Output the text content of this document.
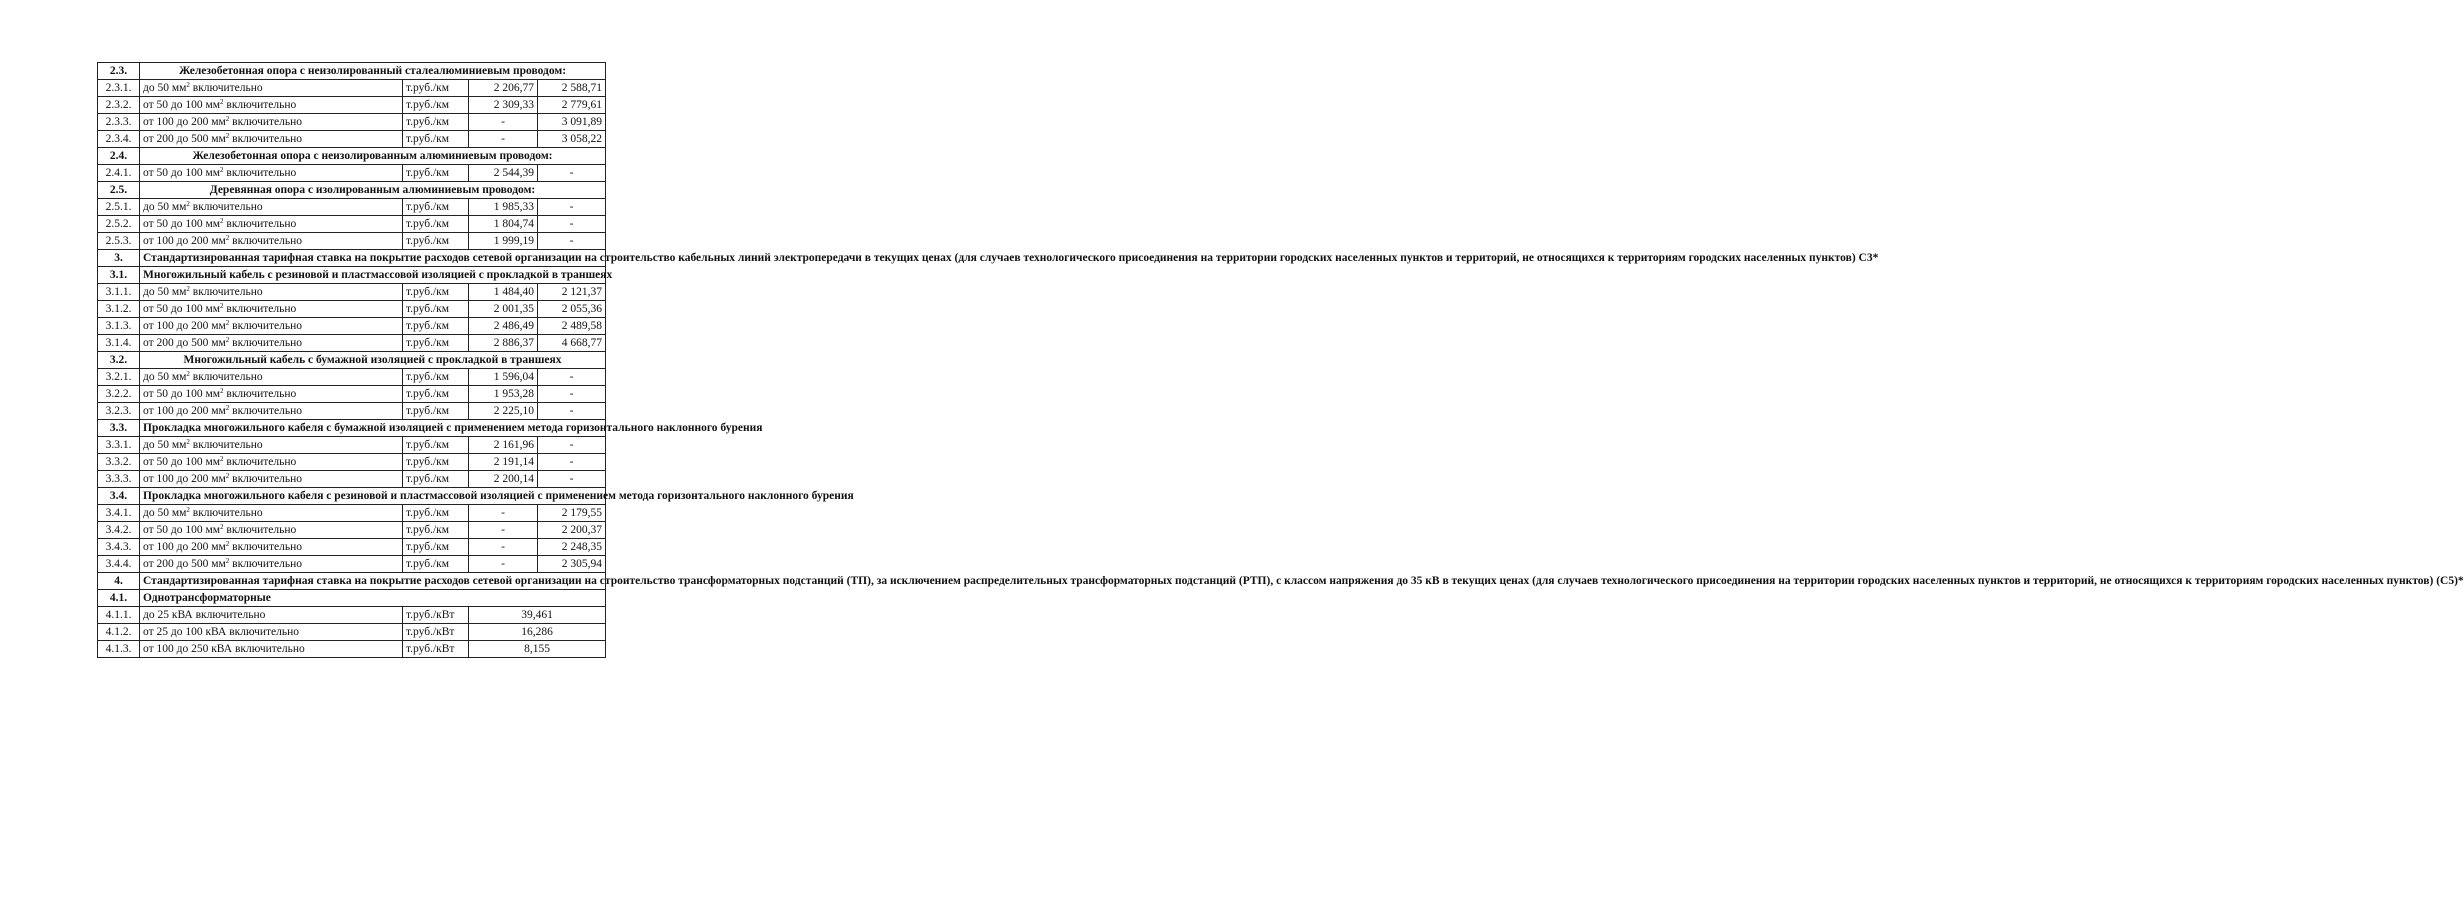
2.3.	Железобетонная опора с неизолированный сталеалюминиевым проводом:			
2.3.1.	до 50 $мм^2$ включительно	т.руб./км	2 206,77	2 588,71
2.3.2.	от 50 до 100 $мм^2$ включительно	т.руб./км	2 309,33	2 779,61
2.3.3.	от 100 до 200 $мм^2$ включительно	т.руб./км	-	3 091,89
2.3.4.	от 200 до 500 $мм^2$ включительно	т.руб./км	-	3 058,22
2.4.	Железобетонная опора с неизолированным алюминиевым проводом:			
2.4.1.	от 50 до 100 $мм^2$ включительно	т.руб./км	2 544,39	-
2.5.	Деревянная опора с изолированным алюминиевым проводом:			
2.5.1.	до 50 $мм^2$ включительно	т.руб./км	1 985,33	-
2.5.2.	от 50 до 100 $мм^2$ включительно	т.руб./км	1 804,74	-
2.5.3.	от 100 до 200 $мм^2$ включительно	т.руб./км	1 999,19	-
3.	Стандартизированная тарифная ставка на покрытие расходов сетевой организации на строительство кабельных линий электропередачи в текущих ценах (для случаев технологического присоединения на территории городских населенных пунктов и территорий, не относящихся к территориям городских населенных пунктов) С3*			
3.1.	Многожильный кабель с резиновой и пластмассовой изоляцией с прокладкой в траншеях			
3.1.1.	до 50 $мм^2$ включительно	т.руб./км	1 484,40	2 121,37
3.1.2.	от 50 до 100 $мм^2$ включительно	т.руб./км	2 001,35	2 055,36
3.1.3.	от 100 до 200 $мм^2$ включительно	т.руб./км	2 486,49	2 489,58
3.1.4.	от 200 до 500 $мм^2$ включительно	т.руб./км	2 886,37	4 668,77
3.2.	Многожильный кабель с бумажной изоляцией с прокладкой в траншеях			
3.2.1.	до 50 $мм^2$ включительно	т.руб./км	1 596,04	-
3.2.2.	от 50 до 100 $мм^2$ включительно	т.руб./км	1 953,28	-
3.2.3.	от 100 до 200 $мм^2$ включительно	т.руб./км	2 225,10	-
3.3.	Прокладка многожильного кабеля с бумажной изоляцией с применением метода горизонтального наклонного бурения			
3.3.1.	до 50 $мм^2$ включительно	т.руб./км	2 161,96	-
3.3.2.	от 50 до 100 $мм^2$ включительно	т.руб./км	2 191,14	-
3.3.3.	от 100 до 200 $мм^2$ включительно	т.руб./км	2 200,14	-
3.4.	Прокладка многожильного кабеля с резиновой и пластмассовой изоляцией с применением метода горизонтального наклонного бурения			
3.4.1.	до 50 $мм^2$ включительно	т.руб./км	-	2 179,55
3.4.2.	от 50 до 100 $мм^2$ включительно	т.руб./км	-	2 200,37
3.4.3.	от 100 до 200 $мм^2$ включительно	т.руб./км	-	2 248,35
3.4.4.	от 200 до 500 $мм^2$ включительно	т.руб./км	-	2 305,94
4.	Стандартизированная тарифная ставка на покрытие расходов сетевой организации на строительство трансформаторных подстанций (ТП), за исключением распределительных трансформаторных подстанций (РТП), с классом напряжения до 35 кВ в текущих ценах (для случаев технологического присоединения на территории городских населенных пунктов и территорий, не относящихся к территориям городских населенных пунктов) (С5)*			
4.1.	Однотрансформаторные			
4.1.1.	до 25 кВА включительно	т.руб./кВт	39,461	
4.1.2.	от 25 до 100 кВА включительно	т.руб./кВт	16,286	
4.1.3.	от 100 до 250 кВА включительно	т.руб./кВт	8,155	
